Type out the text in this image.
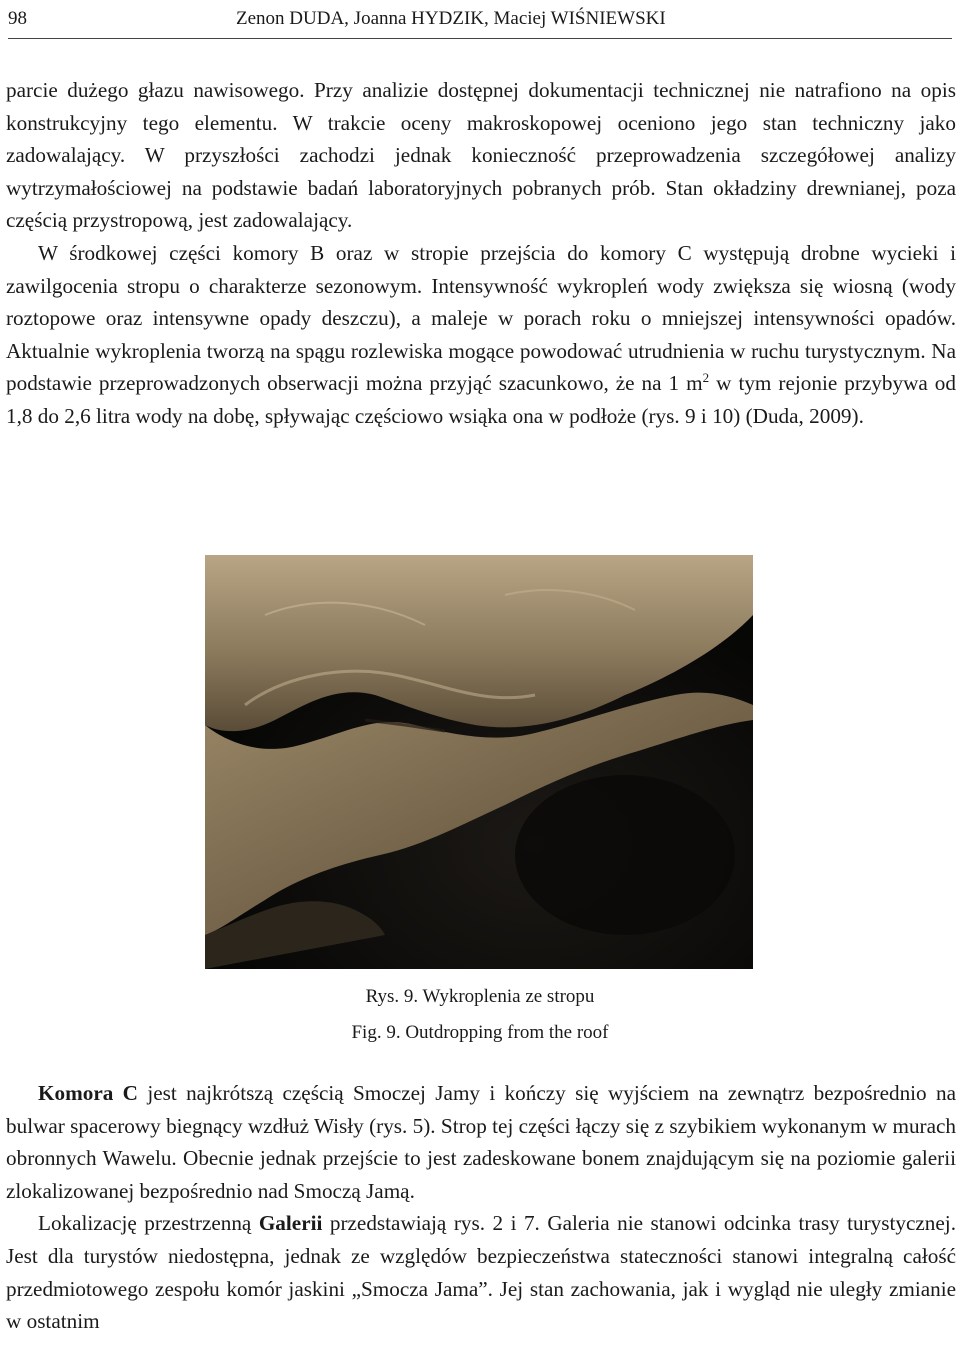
98	Zenon DUDA, Joanna HYDZIK, Maciej WIŚNIEWSKI

parcie dużego głazu nawisowego. Przy analizie dostępnej dokumentacji technicznej nie natrafiono na opis konstrukcyjny tego elementu. W trakcie oceny makroskopowej oceniono jego stan techniczny jako zadowalający. W przyszłości zachodzi jednak konieczność przeprowadzenia szczegółowej analizy wytrzymałościowej na podstawie badań laboratoryjnych pobranych prób. Stan okładziny drewnianej, poza częścią przystropową, jest zadowalający.

W środkowej części komory B oraz w stropie przejścia do komory C występują drobne wycieki i zawilgocenia stropu o charakterze sezonowym. Intensywność wykropleń wody zwiększa się wiosną (wody roztopowe oraz intensywne opady deszczu), a maleje w porach roku o mniejszej intensywności opadów. Aktualnie wykroplenia tworzą na spągu rozlewiska mogące powodować utrudnienia w ruchu turystycznym. Na podstawie przeprowadzonych obserwacji można przyjąć szacunkowo, że na 1 $m^2$ w tym rejonie przybywa od 1,8 do 2,6 litra wody na dobę, spływając częściowo wsiąka ona w podłoże (rys. 9 i 10) (Duda, 2009).

Rys. 9. Wykroplenia ze stropu
Fig. 9. Outdropping from the roof

Komora C jest najkrótszą częścią Smoczej Jamy i kończy się wyjściem na zewnątrz bezpośrednio na bulwar spacerowy biegnący wzdłuż Wisły (rys. 5). Strop tej części łączy się z szybikiem wykonanym w murach obronnych Wawelu. Obecnie jednak przejście to jest zadeskowane bonem znajdującym się na poziomie galerii zlokalizowanej bezpośrednio nad Smoczą Jamą.

Lokalizację przestrzenną Galerii przedstawiają rys. 2 i 7. Galeria nie stanowi odcinka trasy turystycznej. Jest dla turystów niedostępna, jednak ze względów bezpieczeństwa stateczności stanowi integralną całość przedmiotowego zespołu komór jaskini „Smocza Jama”. Jej stan zachowania, jak i wygląd nie uległy zmianie w ostatnim
